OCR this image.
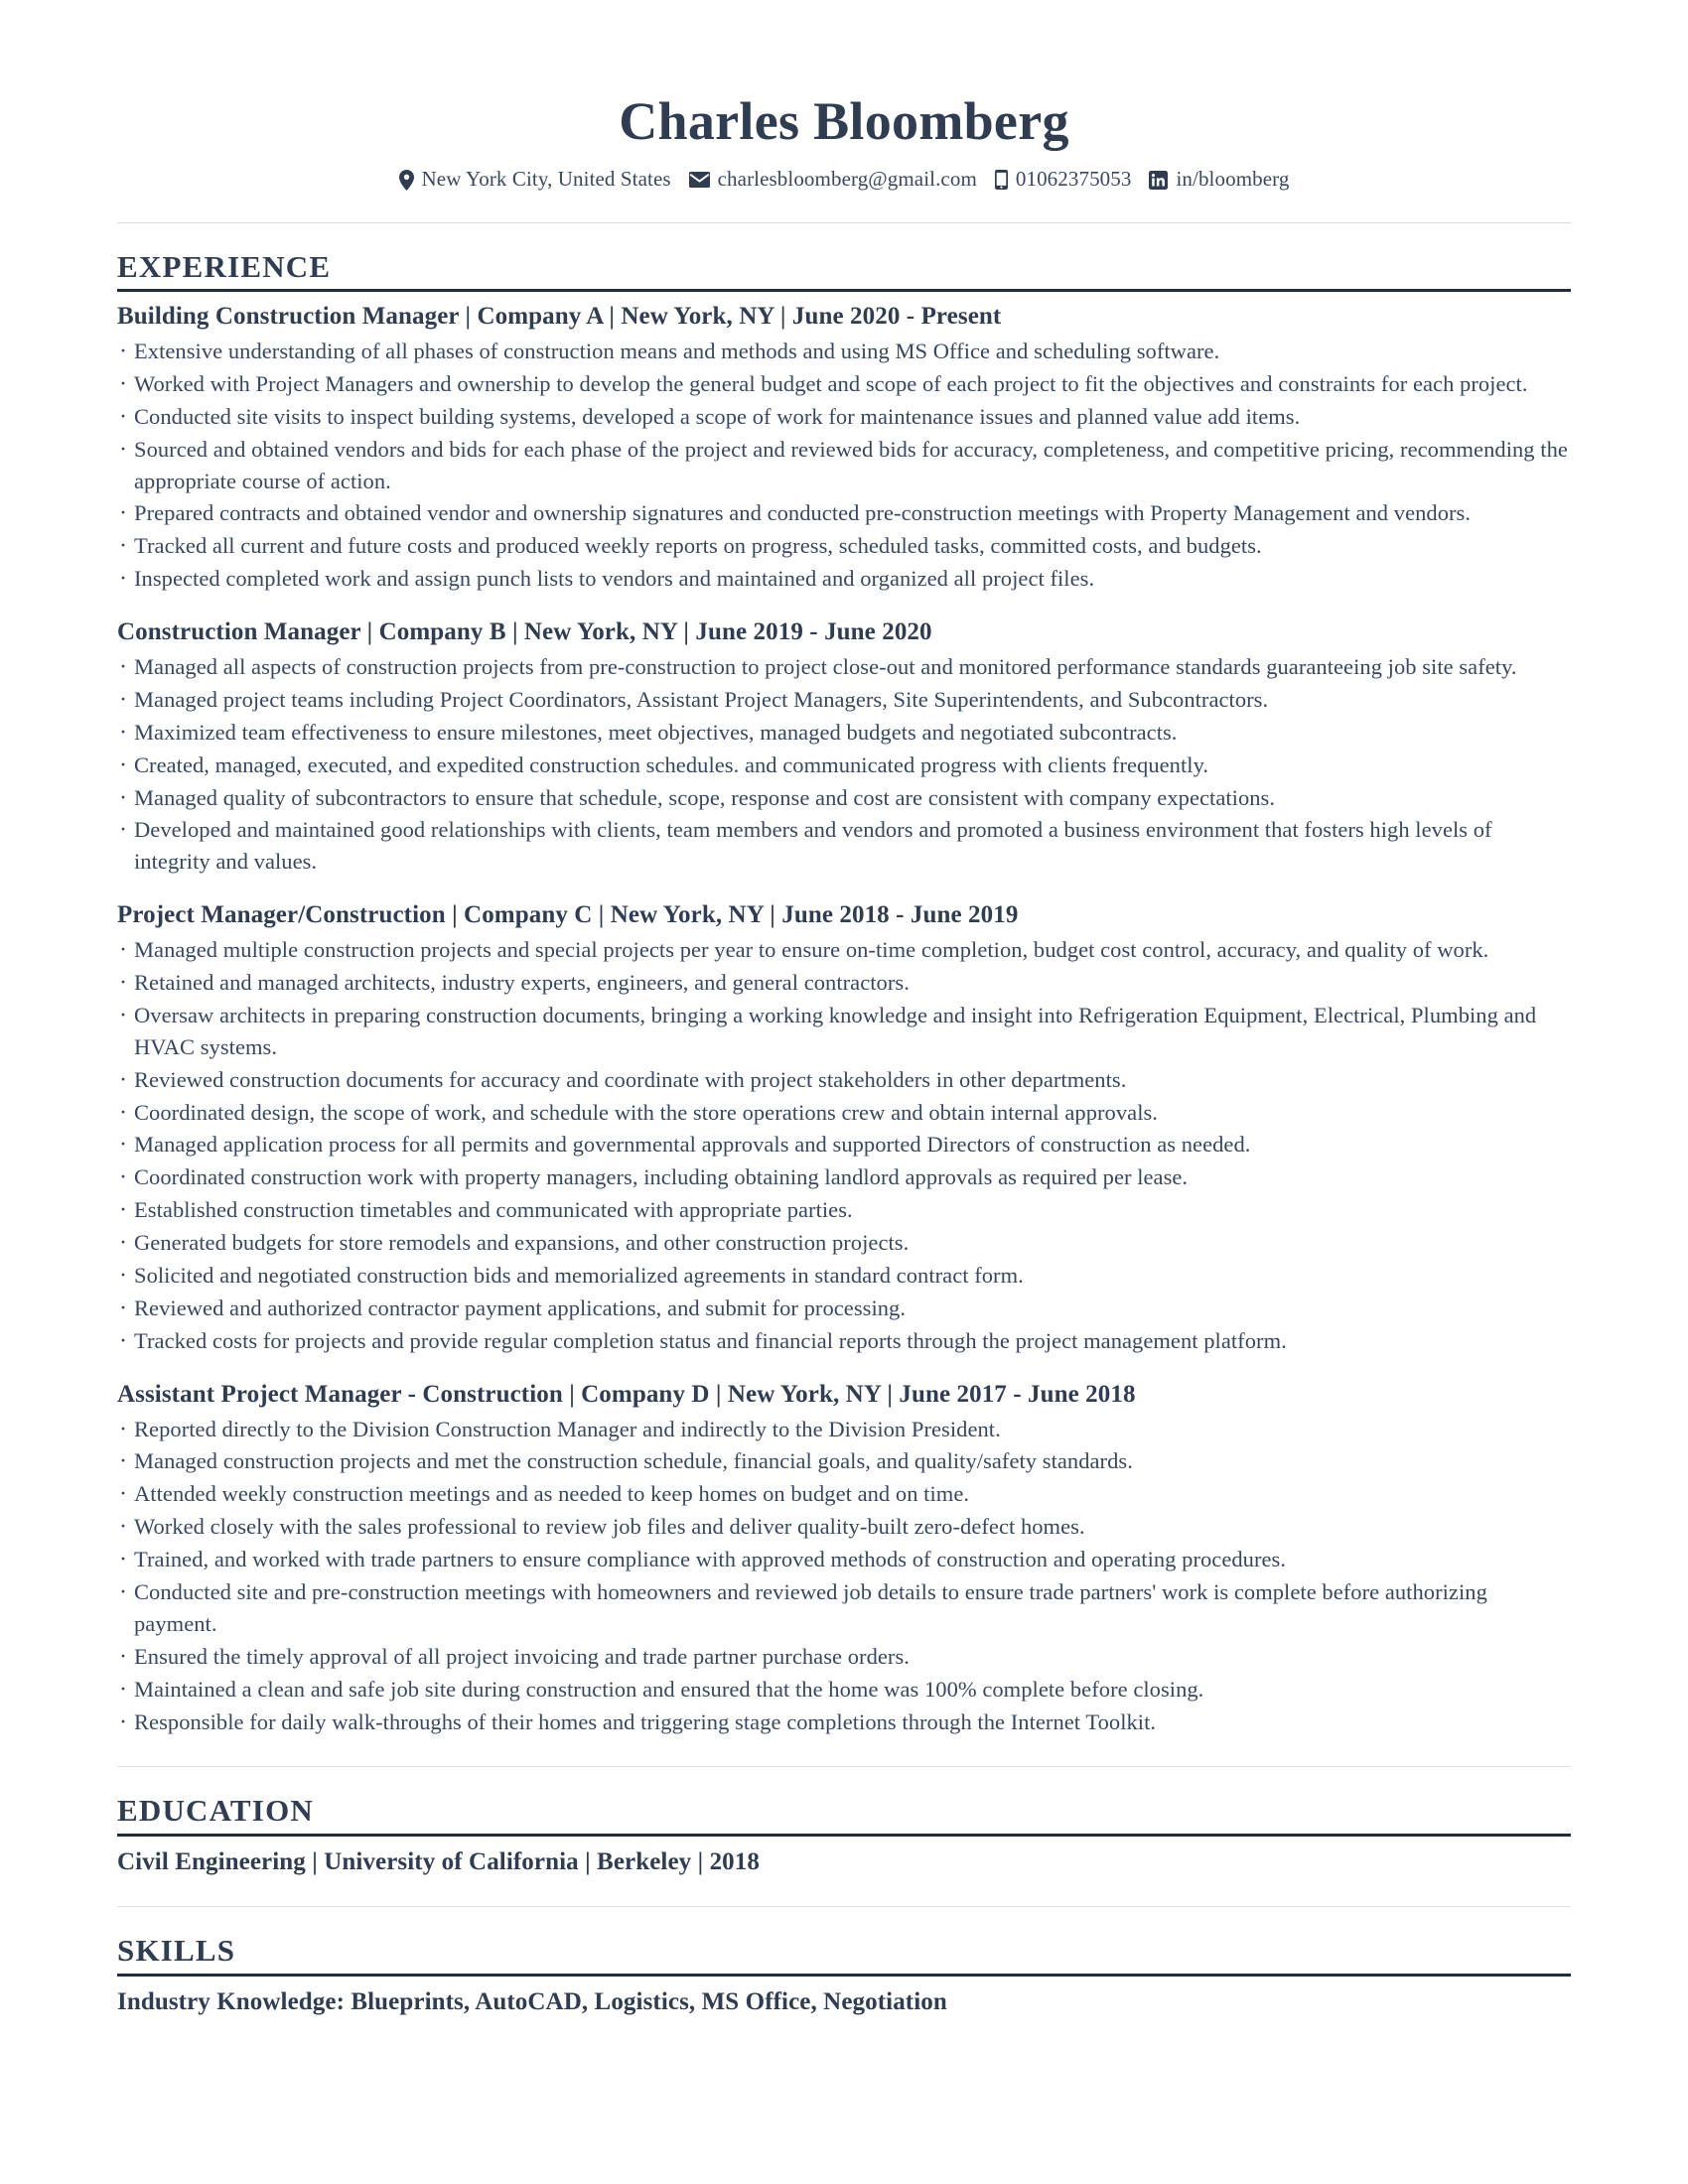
Charles Bloomberg
New York City, United States charlesbloomberg@gmail.com 01062375053 in/bloomberg
EXPERIENCE
Building Construction Manager | Company A | New York, NY | June 2020 - Present
· Extensive understanding of all phases of construction means and methods and using MS Office and scheduling software.
· Worked with Project Managers and ownership to develop the general budget and scope of each project to fit the objectives and constraints for each project.
· Conducted site visits to inspect building systems, developed a scope of work for maintenance issues and planned value add items.
· Sourced and obtained vendors and bids for each phase of the project and reviewed bids for accuracy, completeness, and competitive pricing, recommending the appropriate course of action.
· Prepared contracts and obtained vendor and ownership signatures and conducted pre-construction meetings with Property Management and vendors.
· Tracked all current and future costs and produced weekly reports on progress, scheduled tasks, committed costs, and budgets.
· Inspected completed work and assign punch lists to vendors and maintained and organized all project files.
Construction Manager | Company B | New York, NY | June 2019 - June 2020
· Managed all aspects of construction projects from pre-construction to project close-out and monitored performance standards guaranteeing job site safety.
· Managed project teams including Project Coordinators, Assistant Project Managers, Site Superintendents, and Subcontractors.
· Maximized team effectiveness to ensure milestones, meet objectives, managed budgets and negotiated subcontracts.
· Created, managed, executed, and expedited construction schedules. and communicated progress with clients frequently.
· Managed quality of subcontractors to ensure that schedule, scope, response and cost are consistent with company expectations.
· Developed and maintained good relationships with clients, team members and vendors and promoted a business environment that fosters high levels of integrity and values.
Project Manager/Construction | Company C | New York, NY | June 2018 - June 2019
· Managed multiple construction projects and special projects per year to ensure on-time completion, budget cost control, accuracy, and quality of work.
· Retained and managed architects, industry experts, engineers, and general contractors.
· Oversaw architects in preparing construction documents, bringing a working knowledge and insight into Refrigeration Equipment, Electrical, Plumbing and HVAC systems.
· Reviewed construction documents for accuracy and coordinate with project stakeholders in other departments.
· Coordinated design, the scope of work, and schedule with the store operations crew and obtain internal approvals.
· Managed application process for all permits and governmental approvals and supported Directors of construction as needed.
· Coordinated construction work with property managers, including obtaining landlord approvals as required per lease.
· Established construction timetables and communicated with appropriate parties.
· Generated budgets for store remodels and expansions, and other construction projects.
· Solicited and negotiated construction bids and memorialized agreements in standard contract form.
· Reviewed and authorized contractor payment applications, and submit for processing.
· Tracked costs for projects and provide regular completion status and financial reports through the project management platform.
Assistant Project Manager - Construction | Company D | New York, NY | June 2017 - June 2018
· Reported directly to the Division Construction Manager and indirectly to the Division President.
· Managed construction projects and met the construction schedule, financial goals, and quality/safety standards.
· Attended weekly construction meetings and as needed to keep homes on budget and on time.
· Worked closely with the sales professional to review job files and deliver quality-built zero-defect homes.
· Trained, and worked with trade partners to ensure compliance with approved methods of construction and operating procedures.
· Conducted site and pre-construction meetings with homeowners and reviewed job details to ensure trade partners' work is complete before authorizing payment.
· Ensured the timely approval of all project invoicing and trade partner purchase orders.
· Maintained a clean and safe job site during construction and ensured that the home was 100% complete before closing.
· Responsible for daily walk-throughs of their homes and triggering stage completions through the Internet Toolkit.
EDUCATION
Civil Engineering | University of California | Berkeley | 2018
SKILLS
Industry Knowledge: Blueprints, AutoCAD, Logistics, MS Office, Negotiation
